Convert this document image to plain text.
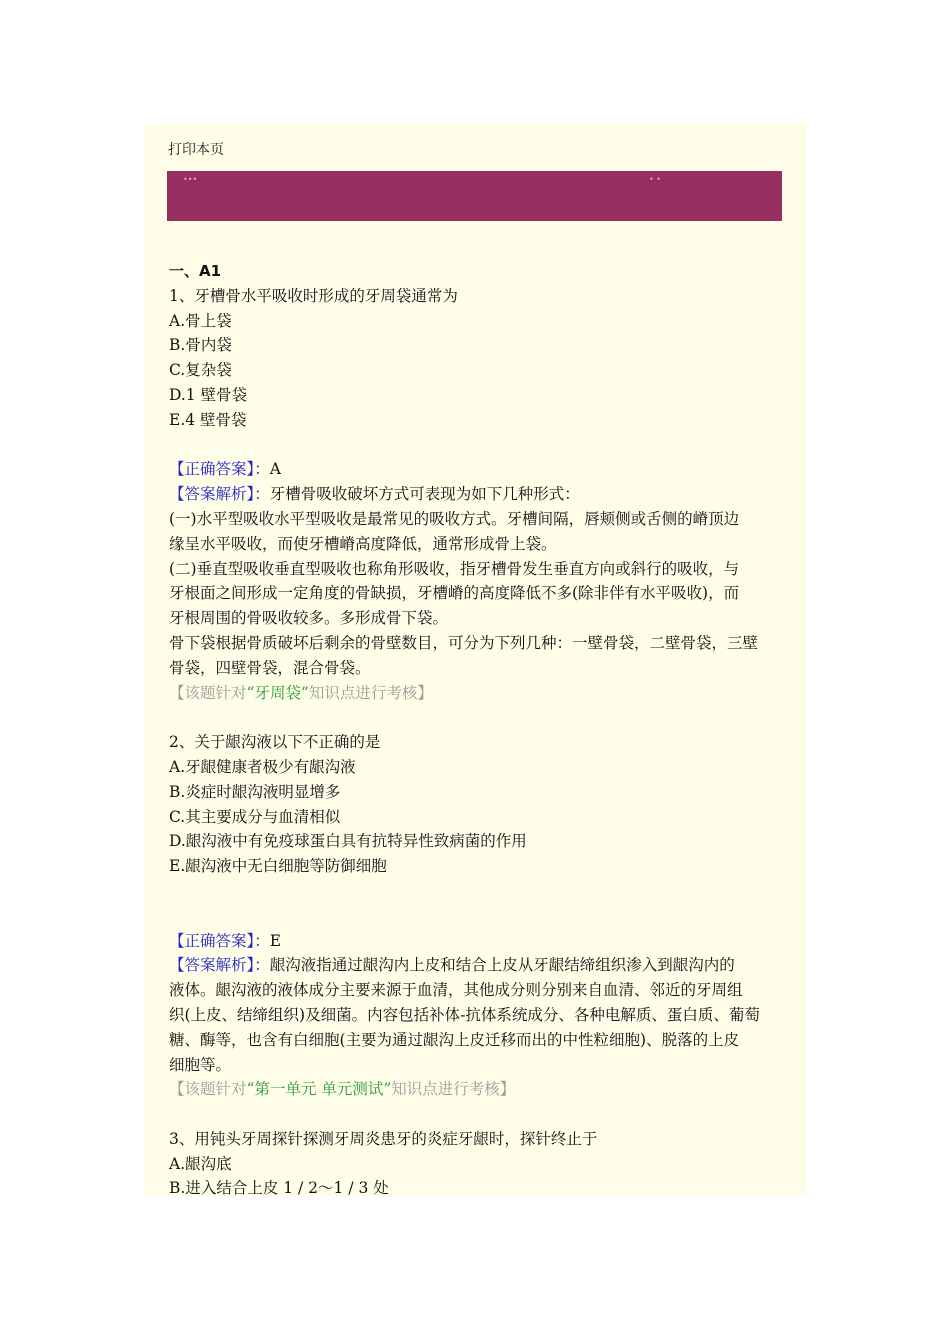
打印本页
•••	• •
一、A1
1、牙槽骨水平吸收时形成的牙周袋通常为
A.骨上袋
B.骨内袋
C.复杂袋
D.1 壁骨袋
E.4 壁骨袋
【正确答案】：A
【答案解析】：牙槽骨吸收破坏方式可表现为如下几种形式：
(一)水平型吸收水平型吸收是最常见的吸收方式。牙槽间隔，唇颊侧或舌侧的嵴顶边
缘呈水平吸收，而使牙槽嵴高度降低，通常形成骨上袋。
(二)垂直型吸收垂直型吸收也称角形吸收，指牙槽骨发生垂直方向或斜行的吸收，与
牙根面之间形成一定角度的骨缺损，牙槽嵴的高度降低不多(除非伴有水平吸收)，而
牙根周围的骨吸收较多。多形成骨下袋。
骨下袋根据骨质破坏后剩余的骨壁数目，可分为下列几种：一壁骨袋，二壁骨袋，三壁
骨袋，四壁骨袋，混合骨袋。
【该题针对“牙周袋”知识点进行考核】
2、关于龈沟液以下不正确的是
A.牙龈健康者极少有龈沟液
B.炎症时龈沟液明显增多
C.其主要成分与血清相似
D.龈沟液中有免疫球蛋白具有抗特异性致病菌的作用
E.龈沟液中无白细胞等防御细胞
【正确答案】：E
【答案解析】：龈沟液指通过龈沟内上皮和结合上皮从牙龈结缔组织渗入到龈沟内的
液体。龈沟液的液体成分主要来源于血清，其他成分则分别来自血清、邻近的牙周组
织(上皮、结缔组织)及细菌。内容包括补体-抗体系统成分、各种电解质、蛋白质、葡萄
糖、酶等，也含有白细胞(主要为通过龈沟上皮迁移而出的中性粒细胞)、脱落的上皮
细胞等。
【该题针对“第一单元 单元测试”知识点进行考核】
3、用钝头牙周探针探测牙周炎患牙的炎症牙龈时，探针终止于
A.龈沟底
B.进入结合上皮 1 / 2～1 / 3 处
